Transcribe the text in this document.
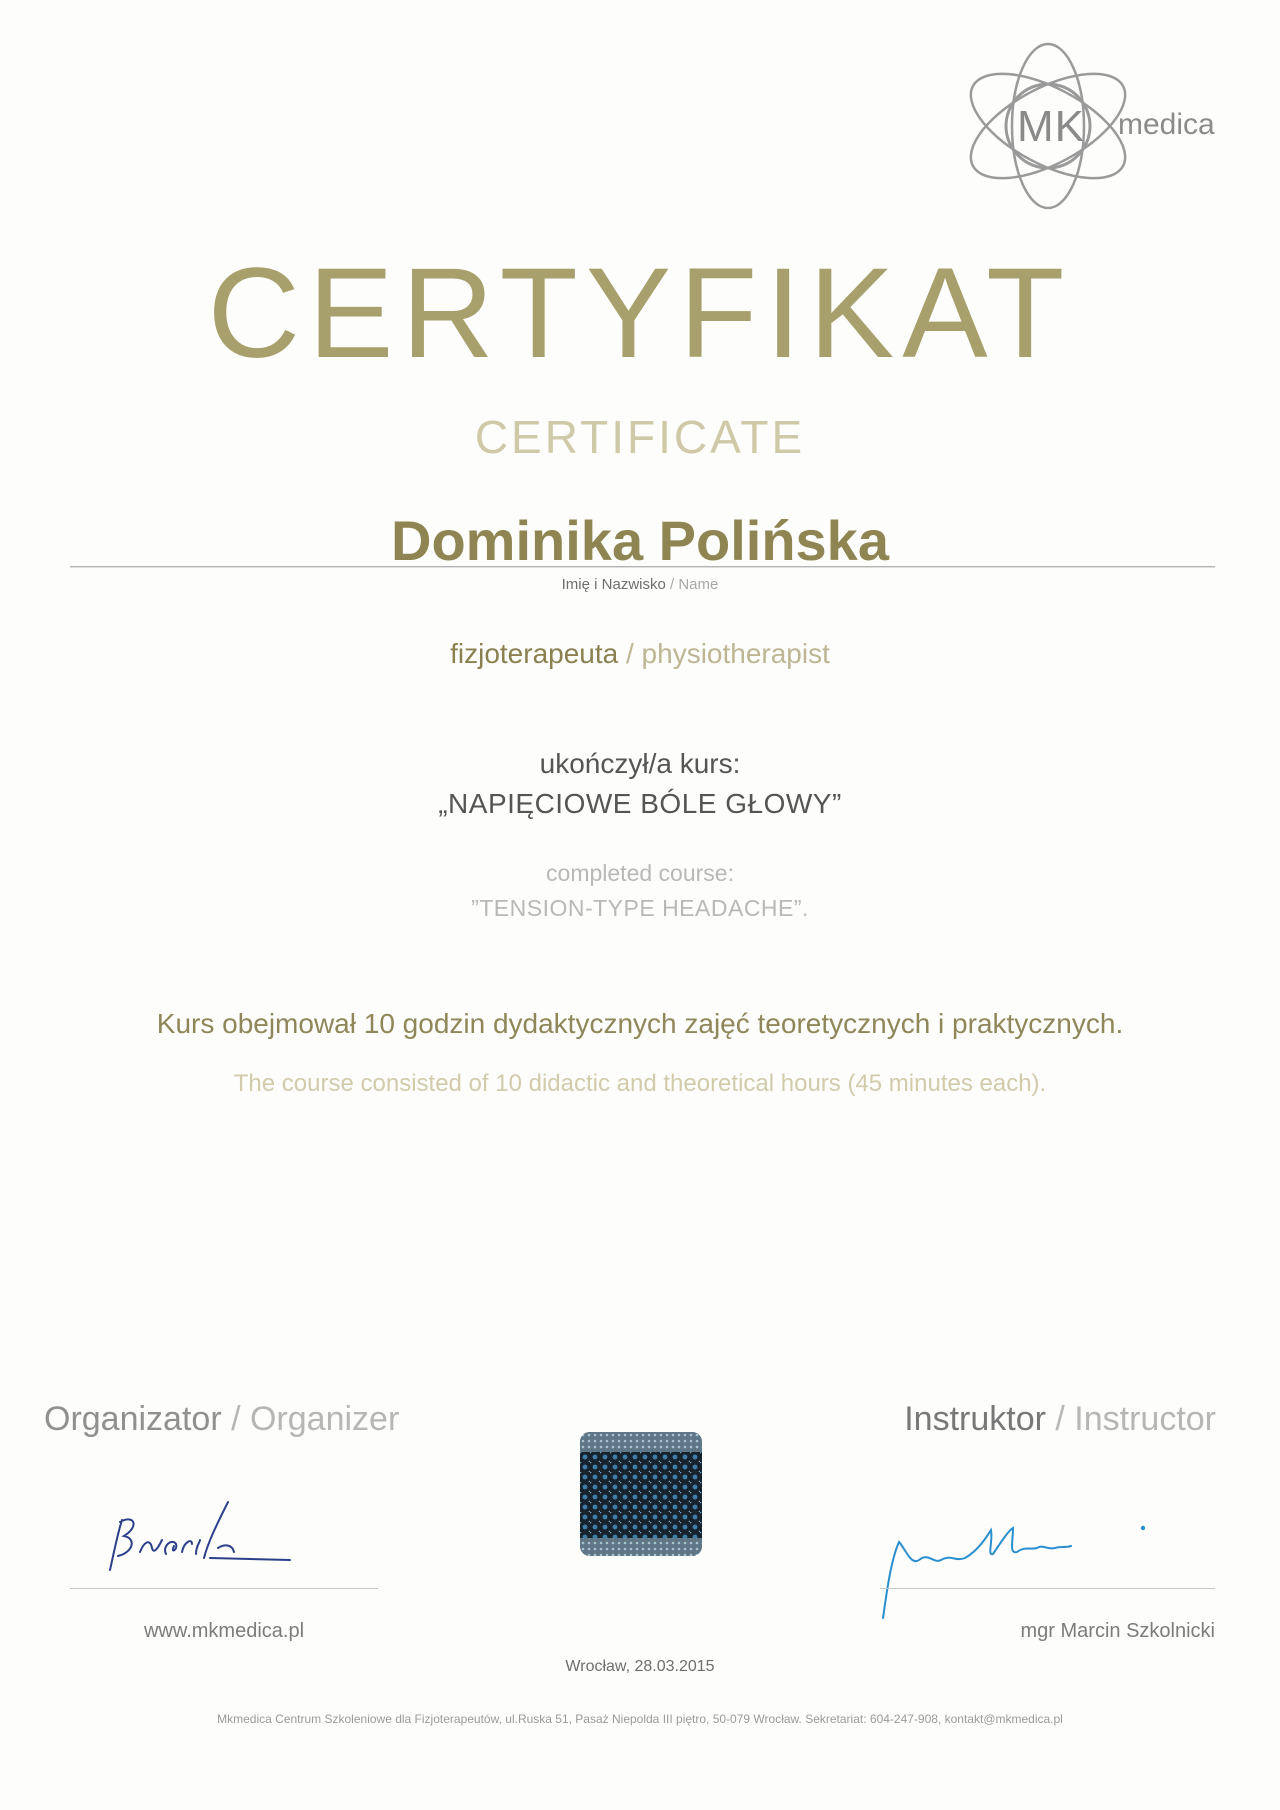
MK	medica
CERTYFIKAT
CERTIFICATE
Dominika Polińska
Imię i Nazwisko / Name
fizjoterapeuta / physiotherapist
ukończył/a kurs:
„NAPIĘCIOWE BÓLE GŁOWY”
completed course:
”TENSION-TYPE HEADACHE”.
Kurs obejmował 10 godzin dydaktycznych zajęć teoretycznych i praktycznych.
The course consisted of 10 didactic and theoretical hours (45 minutes each).
Organizator / Organizer	Instruktor / Instructor
www.mkmedica.pl	mgr Marcin Szkolnicki
Wrocław, 28.03.2015
Mkmedica Centrum Szkoleniowe dla Fizjoterapeutów, ul.Ruska 51, Pasaż Niepolda III piętro, 50-079 Wrocław. Sekretariat: 604-247-908, kontakt@mkmedica.pl
